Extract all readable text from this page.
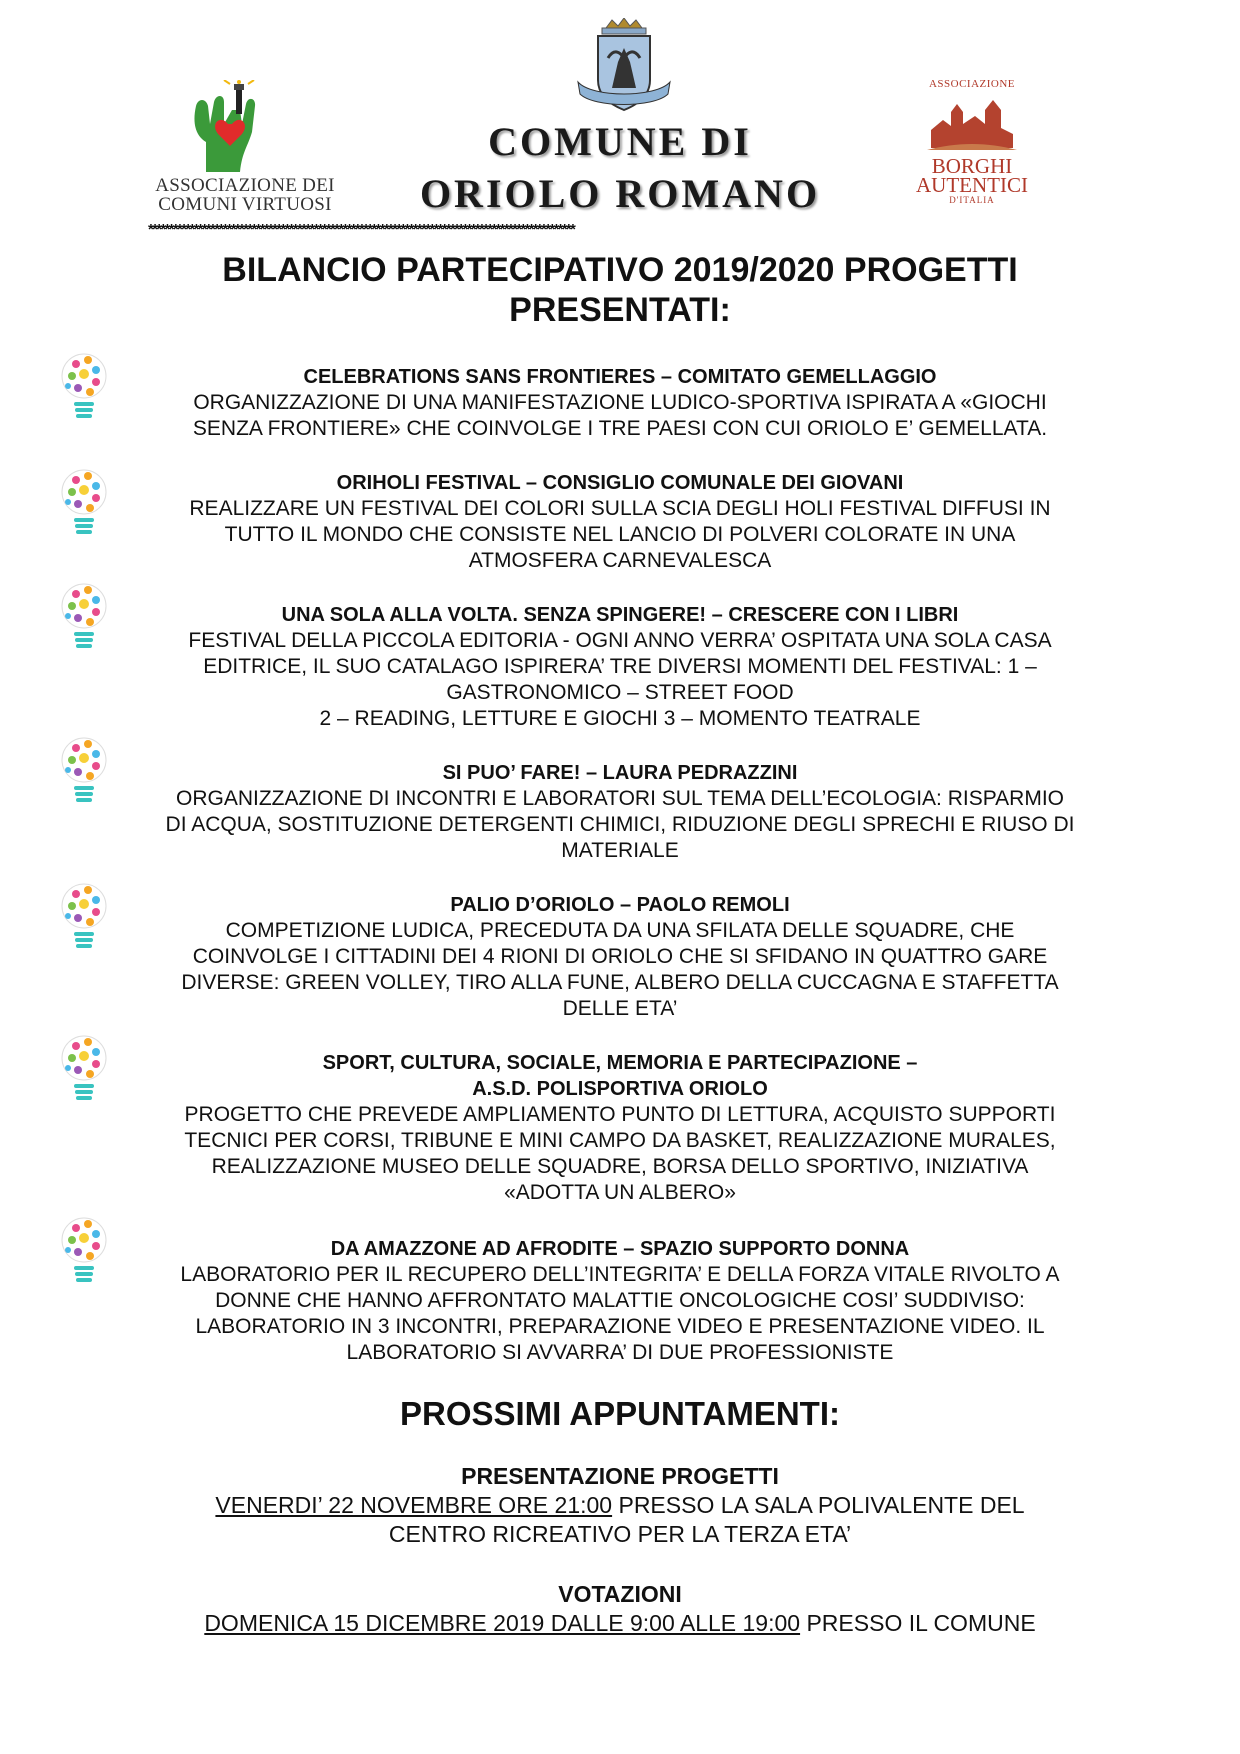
ASSOCIAZIONE DEI
COMUNI VIRTUOSI
ASSOCIAZIONE
BORGHI
AUTENTICI
D'ITALIA
COMUNE DI
ORIOLO ROMANO
*******************************************************************************************************
BILANCIO PARTECIPATIVO 2019/2020 PROGETTI
PRESENTATI:
CELEBRATIONS SANS FRONTIERES – COMITATO GEMELLAGGIO
ORGANIZZAZIONE DI UNA MANIFESTAZIONE LUDICO-SPORTIVA ISPIRATA A «GIOCHI
SENZA FRONTIERE» CHE COINVOLGE I TRE PAESI CON CUI ORIOLO E’ GEMELLATA.
ORIHOLI FESTIVAL – CONSIGLIO COMUNALE DEI GIOVANI
REALIZZARE UN FESTIVAL DEI COLORI SULLA SCIA DEGLI HOLI FESTIVAL DIFFUSI IN
TUTTO IL MONDO CHE CONSISTE NEL LANCIO DI POLVERI COLORATE IN UNA
ATMOSFERA CARNEVALESCA
UNA SOLA ALLA VOLTA. SENZA SPINGERE! – CRESCERE CON I LIBRI
FESTIVAL DELLA PICCOLA EDITORIA - OGNI ANNO VERRA’ OSPITATA UNA SOLA CASA
EDITRICE, IL SUO CATALAGO ISPIRERA’ TRE DIVERSI MOMENTI DEL FESTIVAL: 1 –
GASTRONOMICO – STREET FOOD
2 – READING, LETTURE E GIOCHI 3 – MOMENTO TEATRALE
SI PUO’ FARE! – LAURA PEDRAZZINI
ORGANIZZAZIONE DI INCONTRI E LABORATORI SUL TEMA DELL’ECOLOGIA: RISPARMIO
DI ACQUA, SOSTITUZIONE DETERGENTI CHIMICI, RIDUZIONE DEGLI SPRECHI E RIUSO DI
MATERIALE
PALIO D’ORIOLO – PAOLO REMOLI
COMPETIZIONE LUDICA, PRECEDUTA DA UNA SFILATA DELLE SQUADRE, CHE
COINVOLGE I CITTADINI DEI 4 RIONI DI ORIOLO CHE SI SFIDANO IN QUATTRO GARE
DIVERSE: GREEN VOLLEY, TIRO ALLA FUNE, ALBERO DELLA CUCCAGNA E STAFFETTA
DELLE ETA’
SPORT, CULTURA, SOCIALE, MEMORIA E PARTECIPAZIONE –
A.S.D. POLISPORTIVA ORIOLO
PROGETTO CHE PREVEDE AMPLIAMENTO PUNTO DI LETTURA, ACQUISTO SUPPORTI
TECNICI PER CORSI, TRIBUNE E MINI CAMPO DA BASKET, REALIZZAZIONE MURALES,
REALIZZAZIONE MUSEO DELLE SQUADRE, BORSA DELLO SPORTIVO, INIZIATIVA
«ADOTTA UN ALBERO»
DA AMAZZONE AD AFRODITE – SPAZIO SUPPORTO DONNA
LABORATORIO PER IL RECUPERO DELL’INTEGRITA’ E DELLA FORZA VITALE RIVOLTO A
DONNE CHE HANNO AFFRONTATO MALATTIE ONCOLOGICHE COSI’ SUDDIVISO:
LABORATORIO IN 3 INCONTRI, PREPARAZIONE VIDEO E PRESENTAZIONE VIDEO. IL
LABORATORIO SI AVVARRA’ DI DUE PROFESSIONISTE
PROSSIMI APPUNTAMENTI:
PRESENTAZIONE PROGETTI
VENERDI’ 22 NOVEMBRE ORE 21:00 PRESSO LA SALA POLIVALENTE DEL
CENTRO RICREATIVO PER LA TERZA ETA’
VOTAZIONI
DOMENICA 15 DICEMBRE 2019 DALLE 9:00 ALLE 19:00 PRESSO IL COMUNE
